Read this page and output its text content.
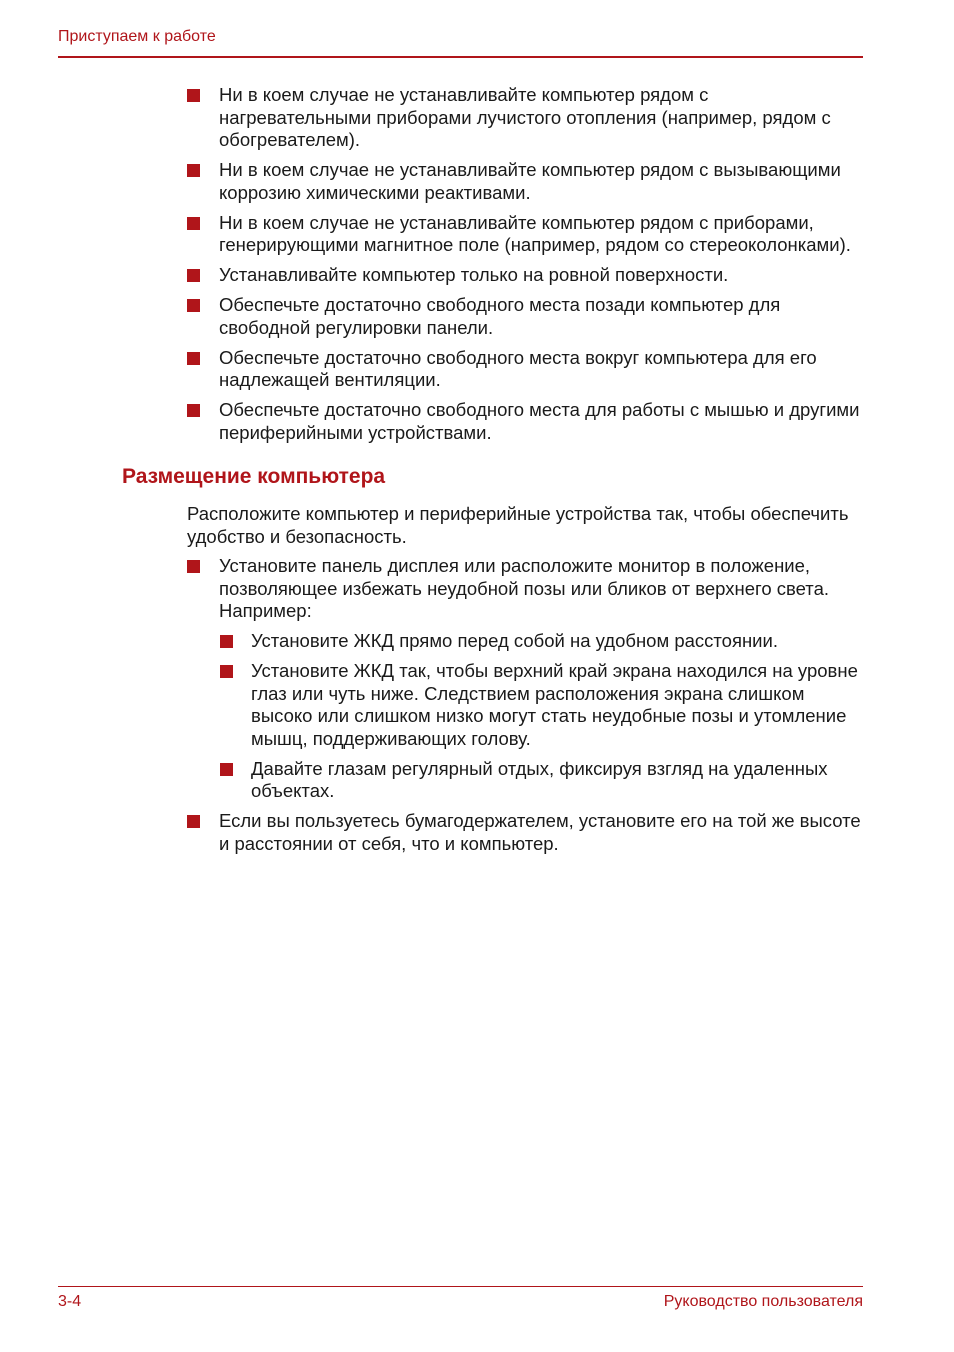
Приступаем к работе
Ни в коем случае не устанавливайте компьютер рядом с нагревательными приборами лучистого отопления (например, рядом с обогревателем).
Ни в коем случае не устанавливайте компьютер рядом с вызывающими коррозию химическими реактивами.
Ни в коем случае не устанавливайте компьютер рядом с приборами, генерирующими магнитное поле (например, рядом со стереоколонками).
Устанавливайте компьютер только на ровной поверхности.
Обеспечьте достаточно свободного места позади компьютер для свободной регулировки панели.
Обеспечьте достаточно свободного места вокруг компьютера для его надлежащей вентиляции.
Обеспечьте достаточно свободного места для работы с мышью и другими периферийными устройствами.
Размещение компьютера
Расположите компьютер и периферийные устройства так, чтобы обеспечить удобство и безопасность.
Установите панель дисплея или расположите монитор в положение, позволяющее избежать неудобной позы или бликов от верхнего света. Например:
Установите ЖКД прямо перед собой на удобном расстоянии.
Установите ЖКД так, чтобы верхний край экрана находился на уровне глаз или чуть ниже. Следствием расположения экрана слишком высоко или слишком низко могут стать неудобные позы и утомление мышц, поддерживающих голову.
Давайте глазам регулярный отдых, фиксируя взгляд на удаленных объектах.
Если вы пользуетесь бумагодержателем, установите его на той же высоте и расстоянии от себя, что и компьютер.
3-4	Руководство пользователя
